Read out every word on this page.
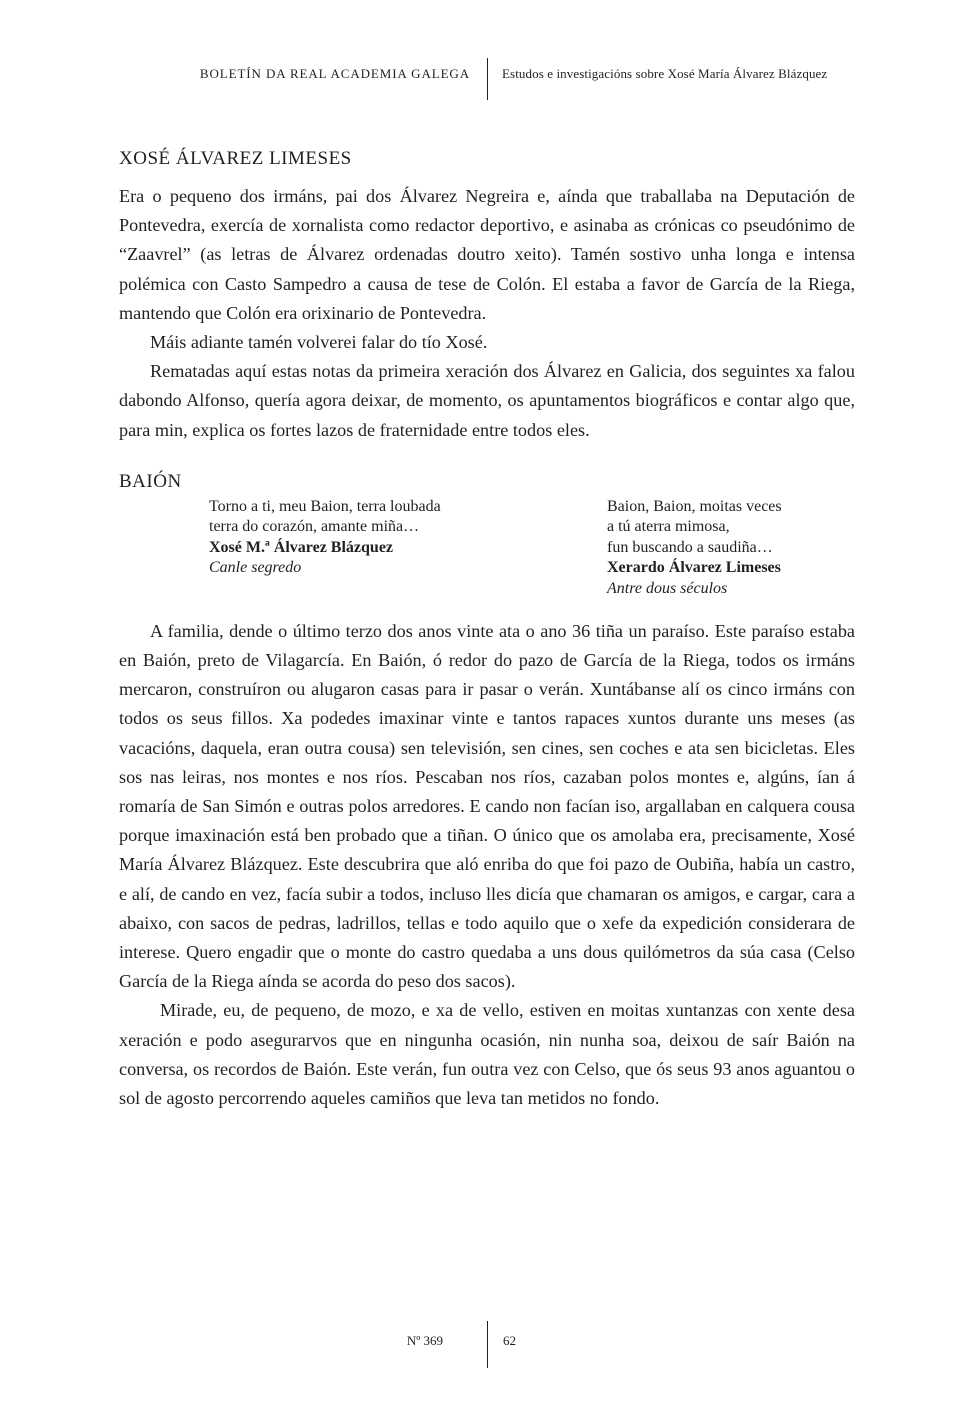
BOLETÍN DA REAL ACADEMIA GALEGA Estudos e investigacións sobre Xosé María Álvarez Blázquez
XOSÉ ÁLVAREZ LIMESES

Era o pequeno dos irmáns, pai dos Álvarez Negreira e, aínda que traballaba na Deputación de Pontevedra, exercía de xornalista como redactor deportivo, e asinaba as crónicas co pseudónimo de “Zaavrel” (as letras de Álvarez ordenadas doutro xeito). Tamén sostivo unha longa e intensa polémica con Casto Sampedro a causa de tese de Colón. El estaba a favor de García de la Riega, mantendo que Colón era orixinario de Pontevedra.

Máis adiante tamén volverei falar do tío Xosé.

Rematadas aquí estas notas da primeira xeración dos Álvarez en Galicia, dos seguintes xa falou dabondo Alfonso, quería agora deixar, de momento, os apuntamentos biográficos e contar algo que, para min, explica os fortes lazos de fraternidade entre todos eles.

BAIÓN
Torno a ti, meu Baion, terra loubada
terra do corazón, amante miña…
Xosé M.ª Álvarez Blázquez
Canle segredo
Baion, Baion, moitas veces
a tú aterra mimosa,
fun buscando a saudiña…
Xerardo Álvarez Limeses
Antre dous séculos

A familia, dende o último terzo dos anos vinte ata o ano 36 tiña un paraíso. Este paraíso estaba en Baión, preto de Vilagarcía. En Baión, ó redor do pazo de García de la Riega, todos os irmáns mercaron, construíron ou alugaron casas para ir pasar o verán. Xuntábanse alí os cinco irmáns con todos os seus fillos. Xa podedes imaxinar vinte e tantos rapaces xuntos durante uns meses (as vacacións, daquela, eran outra cousa) sen televisión, sen cines, sen coches e ata sen bicicletas. Eles sos nas leiras, nos montes e nos ríos. Pescaban nos ríos, cazaban polos montes e, algúns, ían á romaría de San Simón e outras polos arredores. E cando non facían iso, argallaban en calquera cousa porque imaxinación está ben probado que a tiñan. O único que os amolaba era, precisamente, Xosé María Álvarez Blázquez. Este descubrira que aló enriba do que foi pazo de Oubiña, había un castro, e alí, de cando en vez, facía subir a todos, incluso lles dicía que chamaran os amigos, e cargar, cara a abaixo, con sacos de pedras, ladrillos, tellas e todo aquilo que o xefe da expedición considerara de interese. Quero engadir que o monte do castro quedaba a uns dous quilómetros da súa casa (Celso García de la Riega aínda se acorda do peso dos sacos).

Mirade, eu, de pequeno, de mozo, e xa de vello, estiven en moitas xuntanzas con xente desa xeración e podo asegurarvos que en ningunha ocasión, nin nunha soa, deixou de saír Baión na conversa, os recordos de Baión. Este verán, fun outra vez con Celso, que ós seus 93 anos aguantou o sol de agosto percorrendo aqueles camiños que leva tan metidos no fondo.

Nº 369	62
